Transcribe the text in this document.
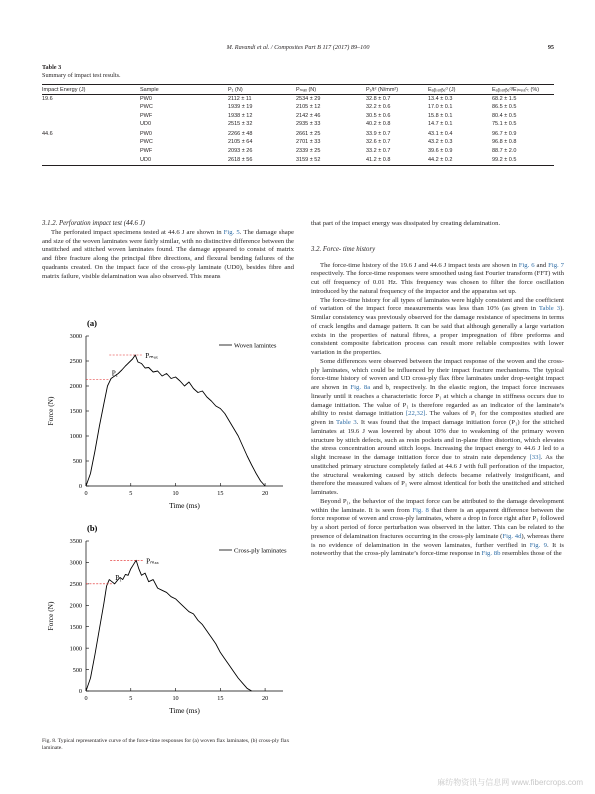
M. Ravandi et al. / Composites Part B 117 (2017) 89–100	95
Table 3
Summary of impact test results.
Impact Energy (J)	Sample	P₁ (N)	Pₘₐₓ (N)	P₁/t² (N/mm²)	Eₐᵦₛₒᵣᵦₑᵈ (J)	Eₐᵦₛₒᵣᵦₑᵈ/Eᵢₘₚₐᶜₜ (%)
19.6	PW0	2112 ± 11	2534 ± 29	32.8 ± 0.7	13.4 ± 0.3	68.2 ± 1.5
	PWC	1939 ± 19	2105 ± 12	32.2 ± 0.6	17.0 ± 0.1	86.5 ± 0.5
	PWF	1938 ± 12	2142 ± 46	30.5 ± 0.6	15.8 ± 0.1	80.4 ± 0.5
	UD0	2515 ± 32	2935 ± 33	40.2 ± 0.8	14.7 ± 0.1	75.1 ± 0.5
44.6	PW0	2266 ± 48	2661 ± 25	33.9 ± 0.7	43.1 ± 0.4	96.7 ± 0.9
	PWC	2105 ± 64	2701 ± 33	32.6 ± 0.7	43.2 ± 0.3	96.8 ± 0.8
	PWF	2093 ± 26	2339 ± 25	33.2 ± 0.7	39.6 ± 0.9	88.7 ± 2.0
	UD0	2618 ± 56	3159 ± 52	41.2 ± 0.8	44.2 ± 0.2	99.2 ± 0.5
3.1.2. Perforation impact test (44.6 J)

The perforated impact specimens tested at 44.6 J are shown in Fig. 5. The damage shape and size of the woven laminates were fairly similar, with no distinctive difference between the unstitched and stitched woven laminates found. The damage appeared to consist of matrix and fibre fracture along the principal fibre directions, and flexural bending failures of the quadrants created. On the impact face of the cross-ply laminate (UD0), besides fibre and matrix failure, visible delamination was also observed. This means

(a)
0
500
1000
1500
2000
2500
3000
0	5	10	15	20
Time (ms)
Force (N)
Woven lamintes
Pₘₐₓ
P₁
(b)
0
500
1000
1500
2000
2500
3000
3500
0	5	10	15	20
Time (ms)
Force (N)
Cross-ply laminates
Pₘₐₓ
P₁
Fig. 8. Typical representative curve of the force-time responses for (a) woven flax laminates, (b) cross-ply flax laminate.

that part of the impact energy was dissipated by creating delamination.

3.2. Force- time history

The force-time history of the 19.6 J and 44.6 J impact tests are shown in Fig. 6 and Fig. 7 respectively. The force-time responses were smoothed using fast Fourier transform (FFT) with cut off frequency of 0.01 Hz. This frequency was chosen to filter the force oscillation introduced by the natural frequency of the impactor and the apparatus set up.

The force-time history for all types of laminates were highly consistent and the coefficient of variation of the impact force measurements was less than 10% (as given in Table 3). Similar consistency was previously observed for the damage resistance of specimens in terms of crack lengths and damage pattern. It can be said that although generally a large variation exists in the properties of natural fibres, a proper impregnation of fibre preforms and consistent composite fabrication process can result more reliable composites with lower variation in the properties.

Some differences were observed between the impact response of the woven and the cross-ply laminates, which could be influenced by their impact fracture mechanisms. The typical force-time history of woven and UD cross-ply flax fibre laminates under drop-weight impact are shown in Fig. 8a and b, respectively. In the elastic region, the impact force increases linearly until it reaches a characteristic force P₁ at which a change in stiffness occurs due to damage initiation. The value of P₁ is therefore regarded as an indicator of the laminate’s ability to resist damage initiation [22,32]. The values of P₁ for the composites studied are given in Table 3. It was found that the impact damage initiation force (P₁) for the stitched laminates at 19.6 J was lowered by about 10% due to weakening of the primary woven structure by stitch defects, such as resin pockets and in-plane fibre distortion, which elevates the stress concentration around stitch loops. Increasing the impact energy to 44.6 J led to a slight increase in the damage initiation force due to strain rate dependency [33]. As the unstitched primary structure completely failed at 44.6 J with full perforation of the impactor, the structural weakening caused by stitch defects became relatively insignificant, and therefore the measured values of P₁ were almost identical for both the unstitched and stitched laminates.

Beyond P₁, the behavior of the impact force can be attributed to the damage development within the laminate. It is seen from Fig. 8 that there is an apparent difference between the force response of woven and cross-ply laminates, where a drop in force right after P₁ followed by a short period of force perturbation was observed in the latter. This can be related to the presence of delamination fractures occurring in the cross-ply laminate (Fig. 4d), whereas there is no evidence of delamination in the woven laminates, further verified in Fig. 9. It is noteworthy that the cross-ply laminate’s force-time response in Fig. 8b resembles those of the

麻纺物资讯与信息网 www.fibercrops.com
